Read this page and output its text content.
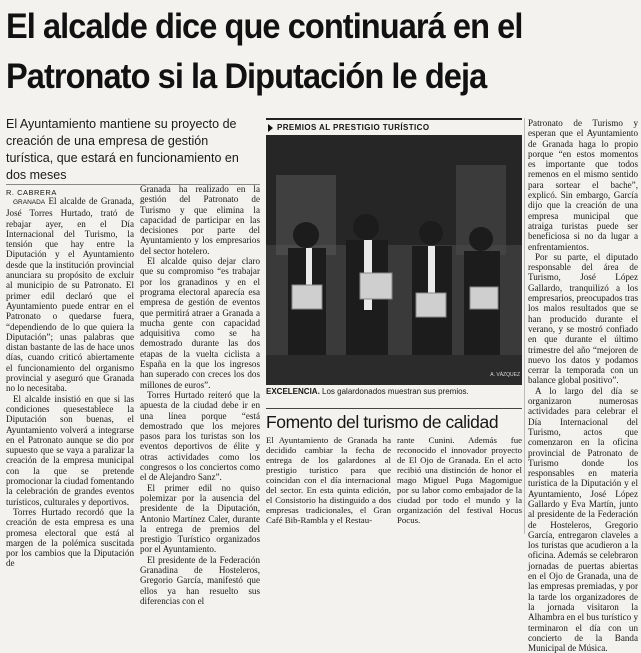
El alcalde dice que continuará en el Patronato si la Diputación le deja
El Ayuntamiento mantiene su proyecto de creación de una empresa de gestión turística, que estará en funcionamiento en dos meses
R. CABRERA

GRANADA El alcalde de Granada, José Torres Hurtado, trató de rebajar ayer, en el Día Internacional del Turismo, la tensión que hay entre la Diputación y el Ayuntamiento desde que la institución provincial anunciara su propósito de excluir al municipio de su Patronato. El primer edil declaró que el Ayuntamiento puede entrar en el Patronato o quedarse fuera, “dependiendo de lo que quiera la Diputación”; unas palabras que distan bastante de las de hace unos días, cuando criticó abiertamente el funcionamiento del organismo provincial y aseguró que Granada no lo necesitaba.

El alcalde insistió en que si las condiciones quesestablece la Diputación son buenas, el Ayuntamiento volverá a integrarse en el Patronato aunque se dio por supuesto que se vaya a paralizar la creación de la empresa municipal con la que se pretende promocionar la ciudad fomentando la celebración de grandes eventos turísticos, culturales y deportivos.

Torres Hurtado recordó que la creación de esta empresa es una promesa electoral que está al margen de la polémica suscitada por los cambios que la Diputación de

Granada ha realizado en la gestión del Patronato de Turismo y que elimina la capacidad de participar en las decisiones por parte del Ayuntamiento y los empresarios del sector hotelero.

El alcalde quiso dejar claro que su compromiso “es trabajar por los granadinos y en el programa electoral aparecía esa empresa de gestión de eventos que permitirá atraer a Granada a mucha gente con capacidad adquisitiva como se ha demostrado durante las dos etapas de la vuelta ciclista a España en la que los ingresos han superado con creces los dos millones de euros”.

Torres Hurtado reiteró que la apuesta de la ciudad debe ir en una línea porque “está demostrado que los mejores pasos para los turistas son los eventos deportivos de élite y otras actividades como los congresos o los conciertos como el de Alejandro Sanz”.

El primer edil no quiso polemizar por la ausencia del presidente de la Diputación, Antonio Martínez Caler, durante la entrega de premios del prestigio Turístico organizados por el Ayuntamiento.

El presidente de la Federación Granadina de Hosteleros, Gregorio García, manifestó que ellos ya han resuelto sus diferencias con el

PREMIOS AL PRESTIGIO TURÍSTICO
A. VÁZQUEZ
EXCELENCIA. Los galardonados muestran sus premios.
Fomento del turismo de calidad

El Ayuntamiento de Granada ha decidido cambiar la fecha de entrega de los galardones al prestigio turístico para que coincidan con el día internacional del sector. En esta quinta edición, el Consistorio ha distinguido a dos empresas tradicionales, el Gran Café Bib-Rambla y el Restau-

rante Cunini. Además fue reconocido el innovador proyecto de El Ojo de Granada. En el acto recibió una distinción de honor el mago Miguel Puga Magomigue por su labor como embajador de la ciudad por todo el mundo y la organización del festival Hocus Pocus.

Patronato de Turismo y esperan que el Ayuntamiento de Granada haga lo propio porque “en estos momentos es importante que todos remenos en el mismo sentido para sortear el bache”, explicó. Sin embargo, García dijo que la creación de una empresa municipal que atraiga turistas puede ser beneficiosa si no da lugar a enfrentamientos.

Por su parte, el diputado responsable del área de Turismo, José López Gallardo, tranquilizó a los empresarios, preocupados tras los malos resultados que se han producido durante el verano, y se mostró confiado en que durante el último trimestre del año “mejoren de nuevo los datos y podamos cerrar la temporada con un balance global positivo”.

A lo largo del día se organizaron numerosas actividades para celebrar el Día Internacional del Turismo, actos que comenzaron en la oficina provincial de Patronato de Turismo donde los responsables en materia turística de la Diputación y el Ayuntamiento, José López Gallardo y Eva Martín, junto al presidente de la Federación de Hosteleros, Gregorio García, entregaron claveles a los turistas que acudieron a la oficina. Además se celebraron jornadas de puertas abiertas en el Ojo de Granada, una de las empresas premiadas, y por la tarde los organizadores de la jornada visitaron la Alhambra en el bus turístico y terminaron el día con un concierto de la Banda Municipal de Música.
